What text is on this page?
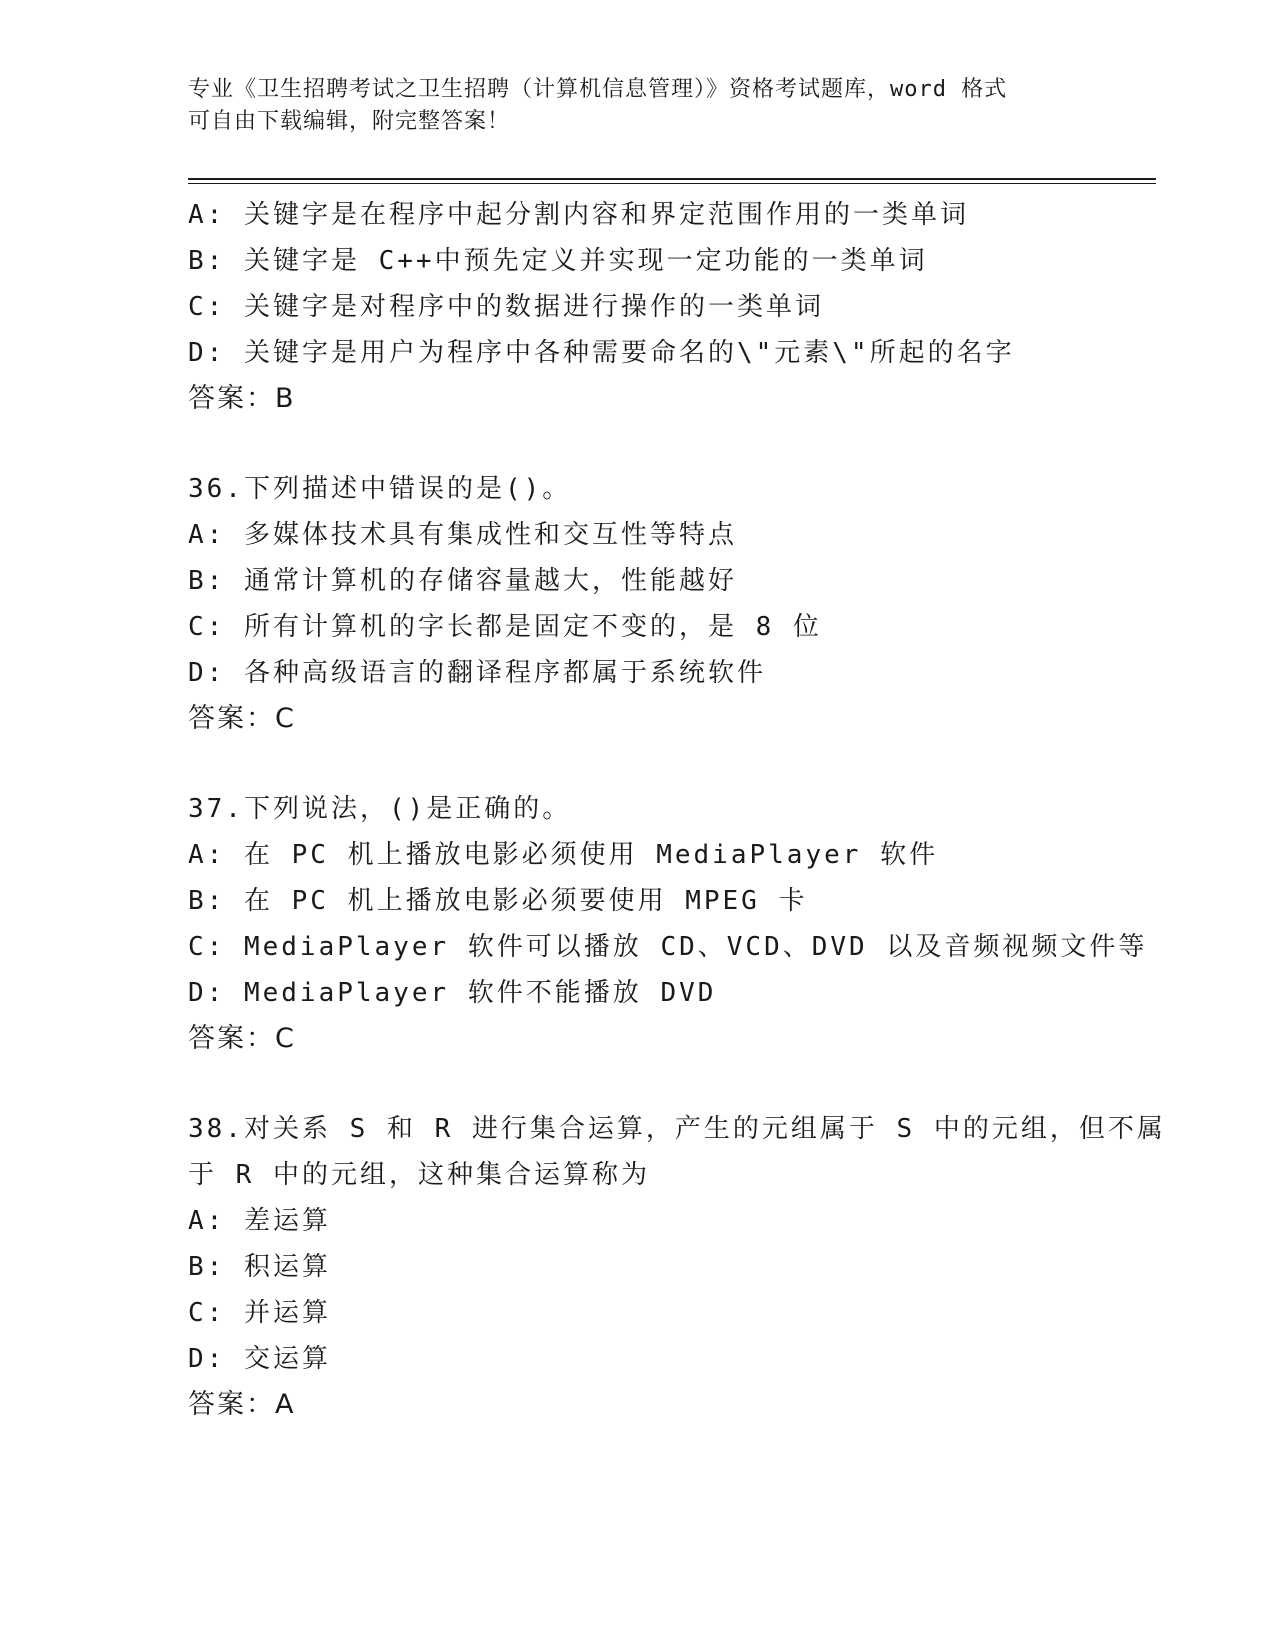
专业《卫生招聘考试之卫生招聘（计算机信息管理）》资格考试题库，word 格式
可自由下载编辑，附完整答案！
A: 关键字是在程序中起分割内容和界定范围作用的一类单词
B: 关键字是 C++中预先定义并实现一定功能的一类单词
C: 关键字是对程序中的数据进行操作的一类单词
D: 关键字是用户为程序中各种需要命名的\"元素\"所起的名字
答案：B
36.下列描述中错误的是()。
A: 多媒体技术具有集成性和交互性等特点
B: 通常计算机的存储容量越大，性能越好
C: 所有计算机的字长都是固定不变的，是 8 位
D: 各种高级语言的翻译程序都属于系统软件
答案：C
37.下列说法，()是正确的。
A: 在 PC 机上播放电影必须使用 MediaPlayer 软件
B: 在 PC 机上播放电影必须要使用 MPEG 卡
C: MediaPlayer 软件可以播放 CD、VCD、DVD 以及音频视频文件等
D: MediaPlayer 软件不能播放 DVD
答案：C
38.对关系 S 和 R 进行集合运算，产生的元组属于 S 中的元组，但不属
于 R 中的元组，这种集合运算称为
A: 差运算
B: 积运算
C: 并运算
D: 交运算
答案：A
